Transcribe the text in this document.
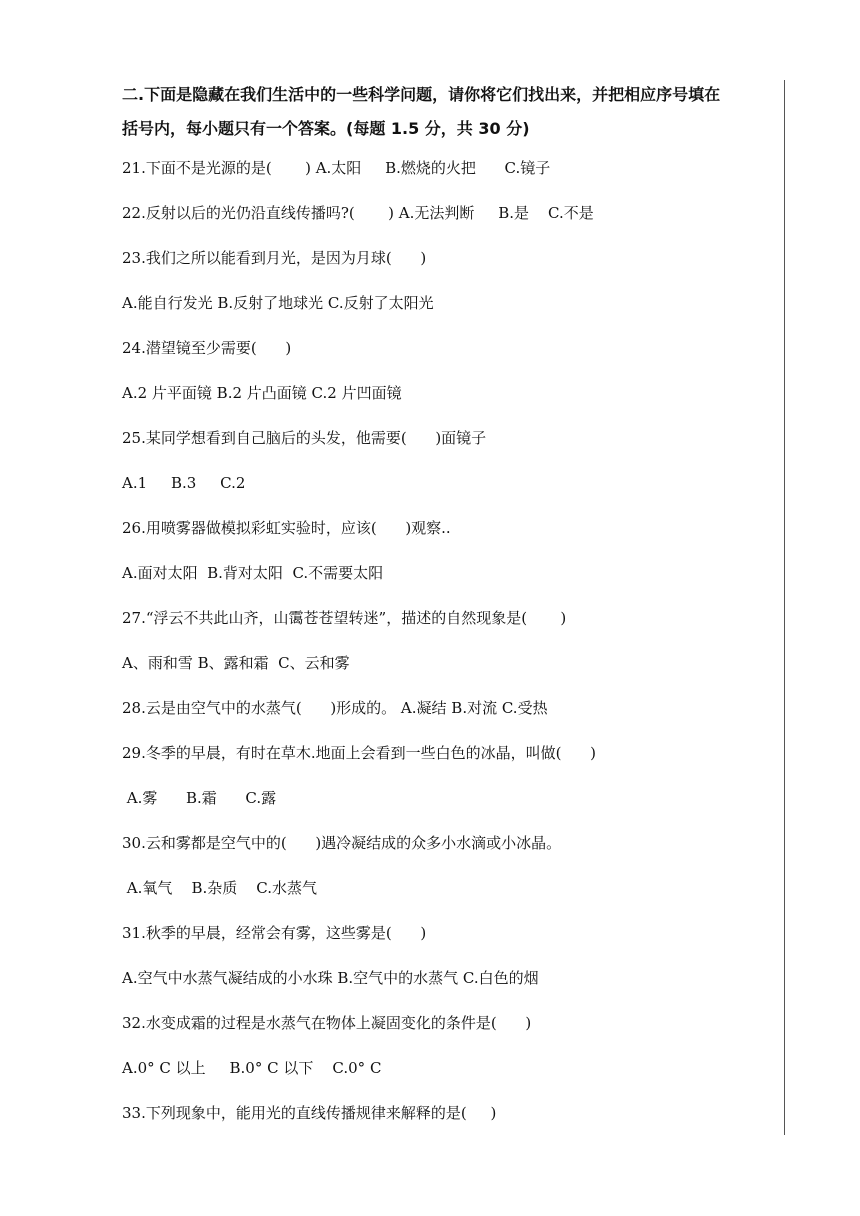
二.下面是隐藏在我们生活中的一些科学问题，请你将它们找出来，并把相应序号填在

括号内，每小题只有一个答案。(每题 1.5 分，共 30 分)

21.下面不是光源的是(       ) A.太阳     B.燃烧的火把      C.镜子

22.反射以后的光仍沿直线传播吗?(       ) A.无法判断     B.是    C.不是

23.我们之所以能看到月光，是因为月球(      )

A.能自行发光 B.反射了地球光 C.反射了太阳光

24.潜望镜至少需要(      )

A.2 片平面镜 B.2 片凸面镜 C.2 片凹面镜

25.某同学想看到自己脑后的头发，他需要(      )面镜子

A.1     B.3     C.2

26.用喷雾器做模拟彩虹实验时，应该(      )观察..

A.面对太阳  B.背对太阳  C.不需要太阳

27.“浮云不共此山齐，山霭苍苍望转迷”，描述的自然现象是(       )

A、雨和雪 B、露和霜  C、云和雾

28.云是由空气中的水蒸气(      )形成的。 A.凝结 B.对流 C.受热

29.冬季的早晨，有时在草木.地面上会看到一些白色的冰晶，叫做(      )

A.雾      B.霜      C.露

30.云和雾都是空气中的(      )遇冷凝结成的众多小水滴或小冰晶。

A.氧气    B.杂质    C.水蒸气

31.秋季的早晨，经常会有雾，这些雾是(      )

A.空气中水蒸气凝结成的小水珠 B.空气中的水蒸气 C.白色的烟

32.水变成霜的过程是水蒸气在物体上凝固变化的条件是(      )

A.0° C 以上     B.0° C 以下    C.0° C

33.下列现象中，能用光的直线传播规律来解释的是(     )
